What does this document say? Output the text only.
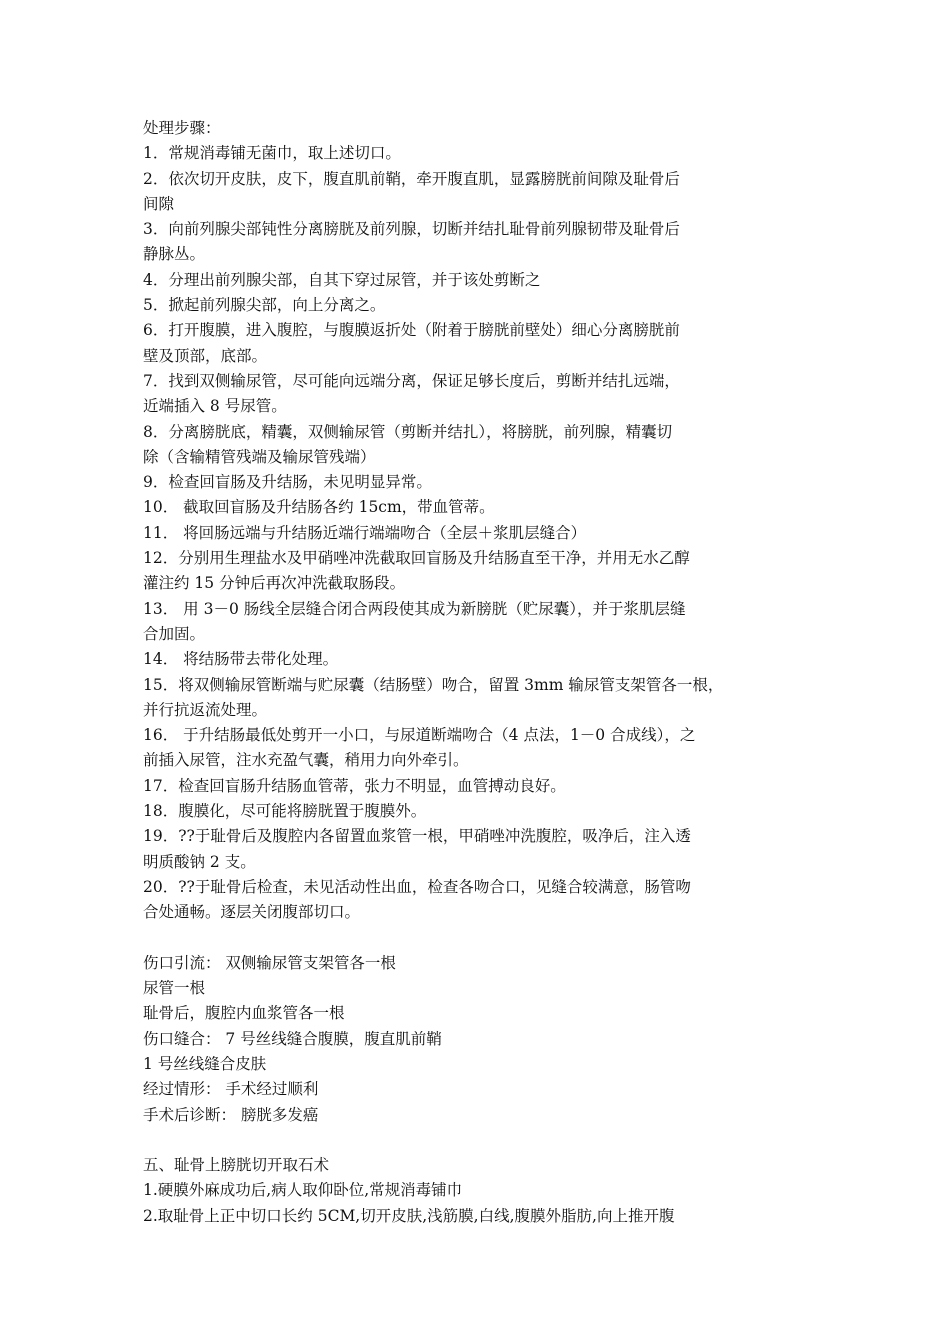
处理步骤：
1．常规消毒铺无菌巾，取上述切口。
2．依次切开皮肤，皮下，腹直肌前鞘，牵开腹直肌，显露膀胱前间隙及耻骨后
间隙
3．向前列腺尖部钝性分离膀胱及前列腺，切断并结扎耻骨前列腺韧带及耻骨后
静脉丛。
4．分理出前列腺尖部，自其下穿过尿管，并于该处剪断之
5．掀起前列腺尖部，向上分离之。
6．打开腹膜，进入腹腔，与腹膜返折处（附着于膀胱前壁处）细心分离膀胱前
壁及顶部，底部。
7．找到双侧输尿管，尽可能向远端分离，保证足够长度后，剪断并结扎远端，
近端插入 8 号尿管。
8．分离膀胱底，精囊，双侧输尿管（剪断并结扎），将膀胱，前列腺，精囊切
除（含输精管残端及输尿管残端）
9．检查回盲肠及升结肠，未见明显异常。
10． 截取回盲肠及升结肠各约 15cm，带血管蒂。
11． 将回肠远端与升结肠近端行端端吻合（全层＋浆肌层缝合）
12．分别用生理盐水及甲硝唑冲洗截取回盲肠及升结肠直至干净，并用无水乙醇
灌注约 15 分钟后再次冲洗截取肠段。
13． 用 3－0 肠线全层缝合闭合两段使其成为新膀胱（贮尿囊），并于浆肌层缝
合加固。
14． 将结肠带去带化处理。
15．将双侧输尿管断端与贮尿囊（结肠壁）吻合，留置 3mm 输尿管支架管各一根，
并行抗返流处理。
16． 于升结肠最低处剪开一小口，与尿道断端吻合（4 点法，1－0 合成线），之
前插入尿管，注水充盈气囊，稍用力向外牵引。
17．检查回盲肠升结肠血管蒂，张力不明显，血管搏动良好。
18．腹膜化，尽可能将膀胱置于腹膜外。
19．??于耻骨后及腹腔内各留置血浆管一根，甲硝唑冲洗腹腔，吸净后，注入透
明质酸钠 2 支。
20．??于耻骨后检查，未见活动性出血，检查各吻合口，见缝合较满意，肠管吻
合处通畅。逐层关闭腹部切口。
伤口引流： 双侧输尿管支架管各一根
尿管一根
耻骨后，腹腔内血浆管各一根
伤口缝合： 7 号丝线缝合腹膜，腹直肌前鞘
1 号丝线缝合皮肤
经过情形： 手术经过顺利
手术后诊断： 膀胱多发癌
五、耻骨上膀胱切开取石术
1.硬膜外麻成功后,病人取仰卧位,常规消毒铺巾
2.取耻骨上正中切口长约 5CM,切开皮肤,浅筋膜,白线,腹膜外脂肪,向上推开腹
